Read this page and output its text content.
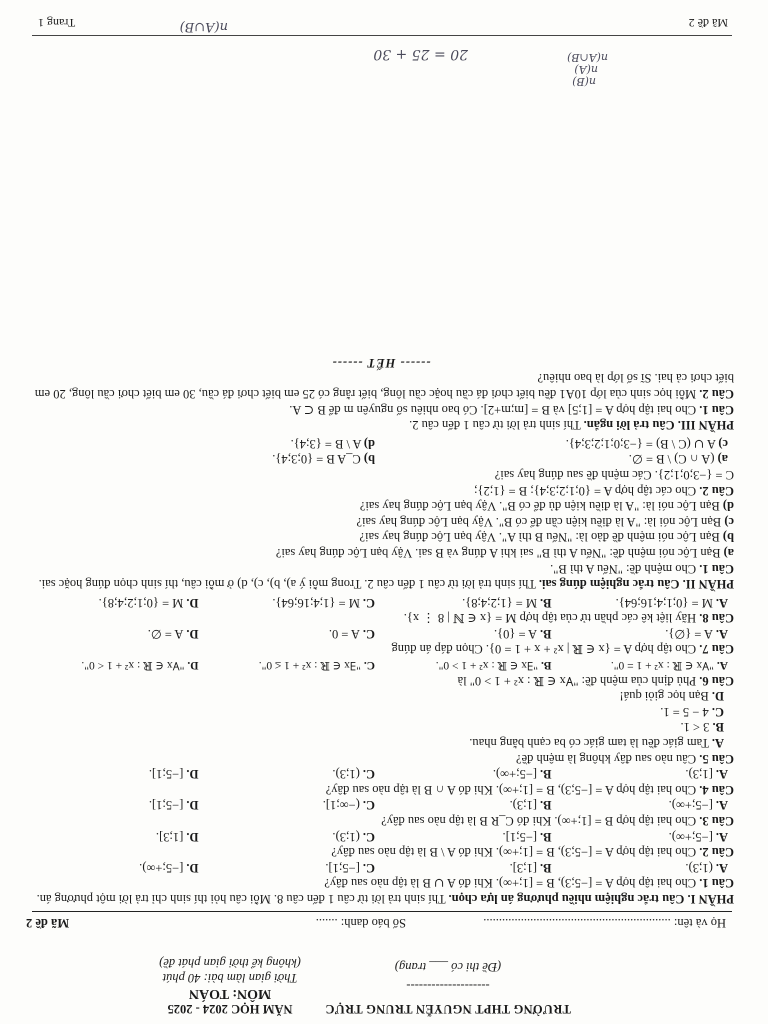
TRƯỜNG THPT NGUYỄN TRUNG TRỰC
--------------------
(Đề thi có ___ trang)
NĂM HỌC 2024 - 2025
MÔN: TOÁN
Thời gian làm bài: 40 phút
(không kể thời gian phát đề)
Họ và tên: ............................................................
Số báo danh: .......
Mã đề 2

PHẦN I. Câu trắc nghiệm nhiều phương án lựa chọn. Thí sinh trả lời từ câu 1 đến câu 8. Mỗi câu hỏi thí sinh chỉ trả lời một phương án.

Câu 1. Cho hai tập hợp A = [−5;3), B = [1;+∞). Khi đó A ∪ B là tập nào sau đây?

A.(1;3).
B.[1;3].
C.[−5;1].
D.[−5;+∞).

Câu 2. Cho hai tập hợp A = [−5;3), B = [1;+∞). Khi đó A \ B là tập nào sau đây?

A.[−5;+∞).
B.[−5;1].
C.(1;3).
D.[1;3].

Câu 3. Cho hai tập hợp B = [1;+∞). Khi đó C_R B là tập nào sau đây?

A.[−5;+∞).
B.[1;3).
C.(−∞;1].
D.[−5;1].

Câu 4. Cho hai tập hợp A = [−5;3), B = [1;+∞). Khi đó A ∩ B là tập nào sau đây?

A.[1;3).
B.[−5;+∞).
C.(1;3).
D.[−5;1].

Câu 5. Câu nào sau đây không là mệnh đề?

A. Tam giác đều là tam giác có ba cạnh bằng nhau.

B. 3 < 1.

C. 4 − 5 = 1.

D. Bạn học giỏi quá!

Câu 6. Phủ định của mệnh đề: "∀x ∈ ℝ : x² + 1 > 0" là

A."∀x ∈ ℝ : x² + 1 = 0".
B."∃x ∈ ℝ : x² + 1 > 0".
C."∃x ∈ ℝ : x² + 1 ≤ 0".
D."∀x ∈ ℝ : x² + 1 < 0".

Câu 7. Cho tập hợp A = {x ∈ ℝ | x² + x + 1 = 0}. Chọn đáp án đúng

A.A = {∅}.
B.A = {0}.
C.A = 0.
D.A = ∅.

Câu 8. Hãy liệt kê các phần tử của tập hợp M = {x ∈ ℕ | 8 ⋮ x}.

A.M = {0;1;4;16;64}.
B.M = {1;2;4;8}.
C.M = {1;4;16;64}.
D.M = {0;1;2;4;8}.

PHẦN II. Câu trắc nghiệm đúng sai. Thí sinh trả lời từ câu 1 đến câu 2. Trong mỗi ý a), b), c), d) ở mỗi câu, thí sinh chọn đúng hoặc sai.

Câu 1. Cho mệnh đề: "Nếu A thì B".

a) Bạn Lộc nói mệnh đề: "Nếu A thì B" sai khi A đúng và B sai. Vậy bạn Lộc đúng hay sai?

b) Bạn Lộc nói mệnh đề đảo là: "Nếu B thì A". Vậy bạn Lộc đúng hay sai?

c) Bạn Lộc nói là: "A là điều kiện cần để có B". Vậy bạn Lộc đúng hay sai?

d) Bạn Lộc nói là: "A là điều kiện đủ để có B". Vậy bạn Lộc đúng hay sai?

Câu 2. Cho các tập hợp A = {0;1;2;3;4}; B = {1;2};

C = {−3;0;1;2}. Các mệnh đề sau đúng hay sai?

a) (A ∩ C) \ B = ∅.
b) C_A B = {0;3;4}.

c) A ∪ (C \ B) = {−3;0;1;2;3;4}.
d) A \ B = {3;4}.

PHẦN III. Câu trả lời ngắn. Thí sinh trả lời từ câu 1 đến câu 2.

Câu 1. Cho hai tập hợp A = [1;5] và B = [m;m+2]. Có bao nhiêu số nguyên m để B ⊂ A.

Câu 2. Mỗi học sinh của lớp 10A1 đều biết chơi đá cầu hoặc cầu lông, biết rằng có 25 em biết chơi đá cầu, 30 em biết chơi cầu lông, 20 em biết chơi cả hai. Sĩ số lớp là bao nhiêu?

------ HẾT ------

n(A∪B)
n(A)
n(B)
n(A∩B)
20 = 25 + 30
Mã đề 2
Trang 1
